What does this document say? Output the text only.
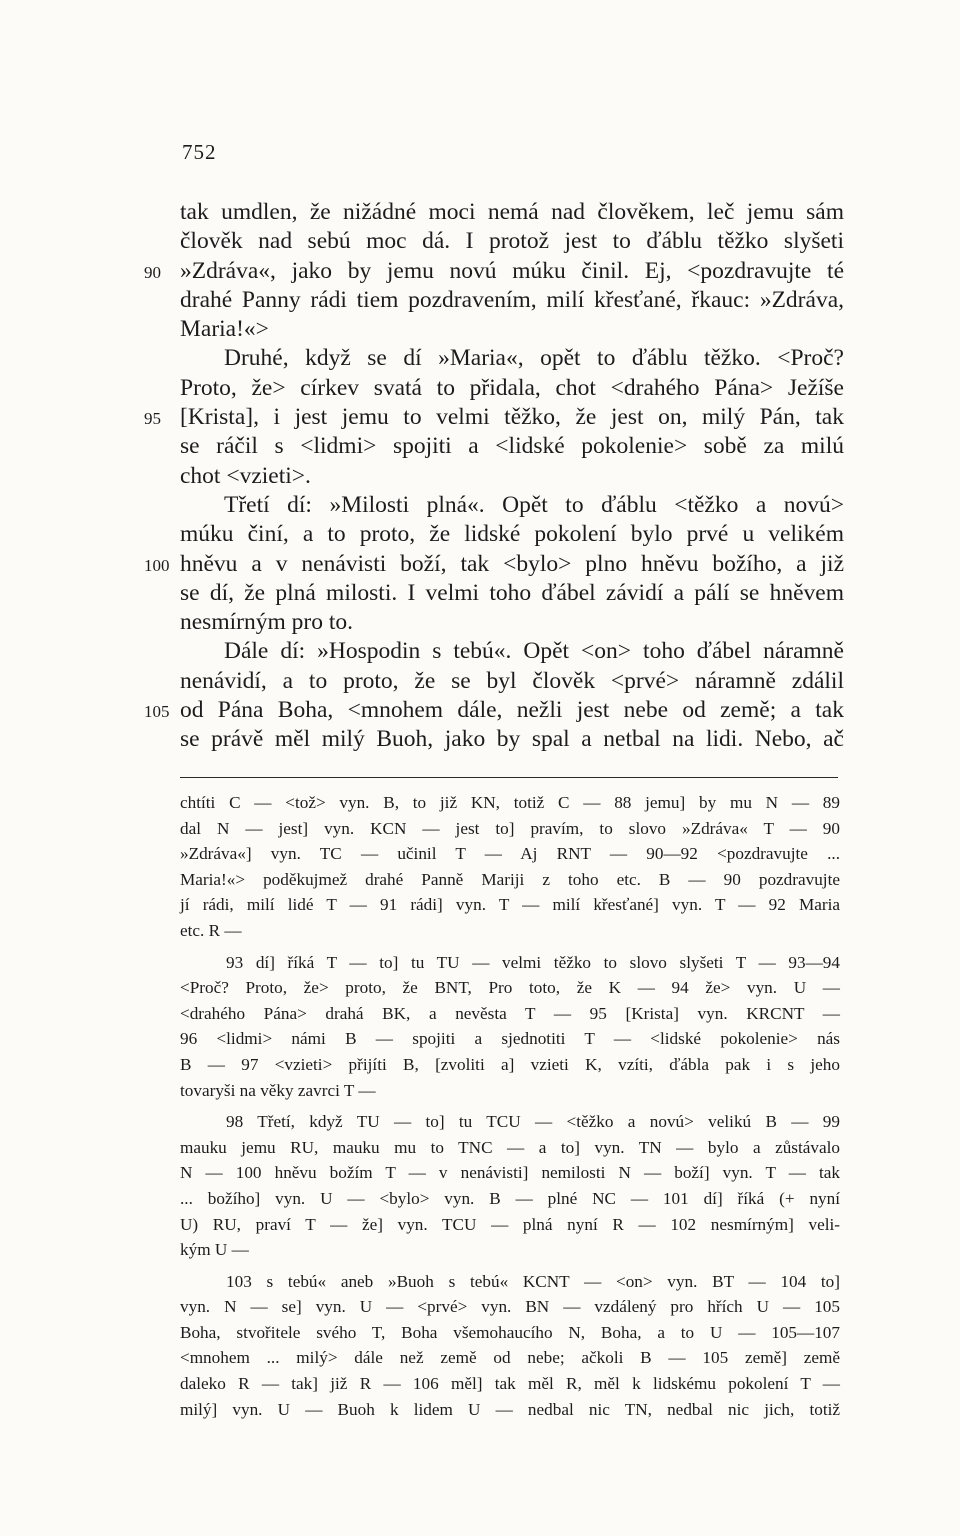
752
tak umdlen, že nižádné moci nemá nad člověkem, leč jemu sám
člověk nad sebú moc dá. I protož jest to ďáblu těžko slyšeti
90 »Zdráva«, jako by jemu novú múku činil. Ej, <pozdravujte té
drahé Panny rádi tiem pozdravením, milí křesťané, řkauc: »Zdráva,
Maria!«>
Druhé, když se dí »Maria«, opět to ďáblu těžko. <Proč?
Proto, že> církev svatá to přidala, chot <drahého Pána> Ježíše
95 [Krista], i jest jemu to velmi těžko, že jest on, milý Pán, tak
se ráčil s <lidmi> spojiti a <lidské pokolenie> sobě za milú
chot <vzieti>.
Třetí dí: »Milosti plná«. Opět to ďáblu <těžko a novú>
múku činí, a to proto, že lidské pokolení bylo prvé u velikém
100 hněvu a v nenávisti boží, tak <bylo> plno hněvu božího, a již
se dí, že plná milosti. I velmi toho ďábel závidí a pálí se hněvem
nesmírným pro to.
Dále dí: »Hospodin s tebú«. Opět <on> toho ďábel náramně
nenávidí, a to proto, že se byl člověk <prvé> náramně zdálil
105 od Pána Boha, <mnohem dále, nežli jest nebe od země; a tak
se právě měl milý Buoh, jako by spal a netbal na lidi. Nebo, ač
chtíti C — <tož> vyn. B, to již KN, totiž C — 88 jemu] by mu N — 89
dal N — jest] vyn. KCN — jest to] pravím, to slovo »Zdráva« T — 90
»Zdráva«] vyn. TC — učinil T — Aj RNT — 90—92 <pozdravujte ...
Maria!«> poděkujmež drahé Panně Mariji z toho etc. B — 90 pozdravujte
jí rádi, milí lidé T — 91 rádi] vyn. T — milí křesťané] vyn. T — 92 Maria
etc. R —
93 dí] říká T — to] tu TU — velmi těžko to slovo slyšeti T — 93—94
<Proč? Proto, že> proto, že BNT, Pro toto, že K — 94 že> vyn. U —
<drahého Pána> drahá BK, a nevěsta T — 95 [Krista] vyn. KRCNT —
96 <lidmi> námi B — spojiti a sjednotiti T — <lidské pokolenie> nás
B — 97 <vzieti> přijíti B, [zvoliti a] vzieti K, vzíti, ďábla pak i s jeho
tovaryši na věky zavrci T —
98 Třetí, když TU — to] tu TCU — <těžko a novú> velikú B — 99
mauku jemu RU, mauku mu to TNC — a to] vyn. TN — bylo a zůstávalo
N — 100 hněvu božím T — v nenávisti] nemilosti N — boží] vyn. T — tak
... božího] vyn. U — <bylo> vyn. B — plné NC — 101 dí] říká (+ nyní
U) RU, praví T — že] vyn. TCU — plná nyní R — 102 nesmírným] veli-
kým U —
103 s tebú« aneb »Buoh s tebú« KCNT — <on> vyn. BT — 104 to]
vyn. N — se] vyn. U — <prvé> vyn. BN — vzdálený pro hřích U — 105
Boha, stvořitele svého T, Boha všemohaucího N, Boha, a to U — 105—107
<mnohem ... milý> dále než země od nebe; ačkoli B — 105 země] země
daleko R — tak] již R — 106 měl] tak měl R, měl k lidskému pokolení T —
milý] vyn. U — Buoh k lidem U — nedbal nic TN, nedbal nic jich, totiž
